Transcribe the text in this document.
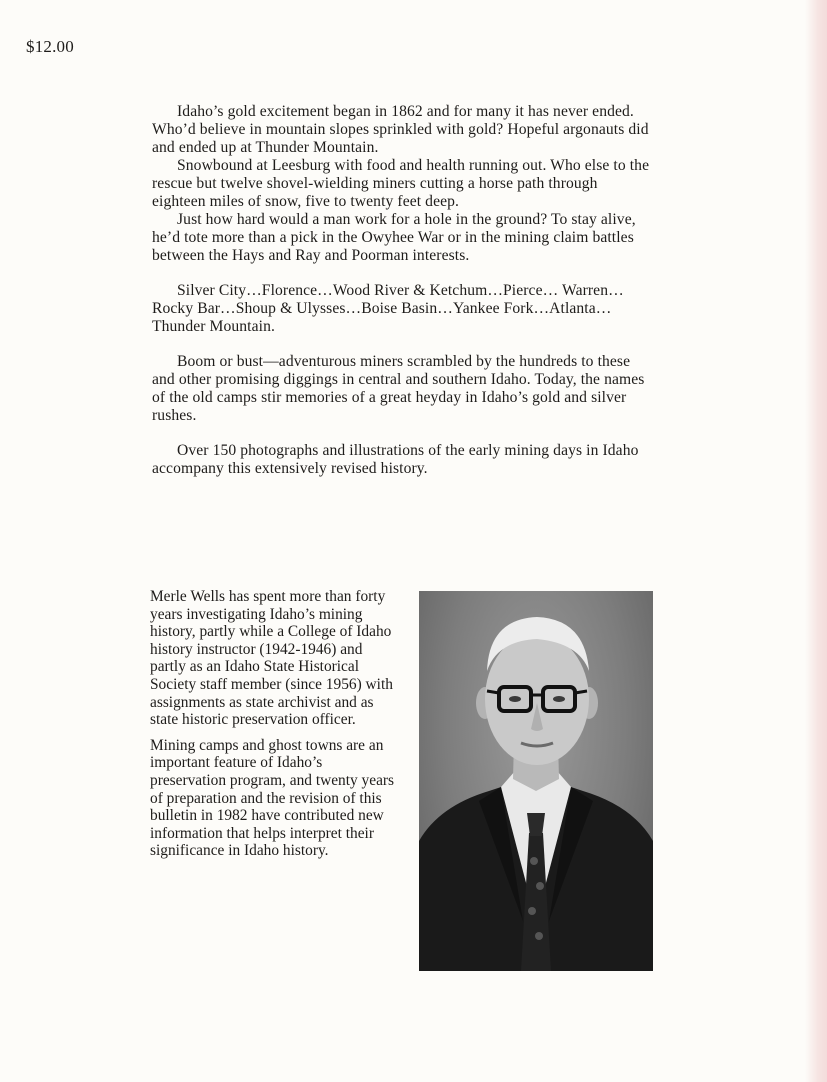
$12.00

Idaho’s gold excitement began in 1862 and for many it has never ended. Who’d believe in mountain slopes sprinkled with gold? Hopeful argonauts did and ended up at Thunder Mountain.

Snowbound at Leesburg with food and health running out. Who else to the rescue but twelve shovel-wielding miners cutting a horse path through eighteen miles of snow, five to twenty feet deep.

Just how hard would a man work for a hole in the ground? To stay alive, he’d tote more than a pick in the Owyhee War or in the mining claim battles between the Hays and Ray and Poorman interests.

Silver City…Florence…Wood River & Ketchum…Pierce… Warren…Rocky Bar…Shoup & Ulysses…Boise Basin…Yankee Fork…Atlanta…Thunder Mountain.

Boom or bust—adventurous miners scrambled by the hundreds to these and other promising diggings in central and southern Idaho. Today, the names of the old camps stir memories of a great heyday in Idaho’s gold and silver rushes.

Over 150 photographs and illustrations of the early mining days in Idaho accompany this extensively revised history.

Merle Wells has spent more than forty years investigating Idaho’s mining history, partly while a College of Idaho history instructor (1942-1946) and partly as an Idaho State Historical Society staff member (since 1956) with assignments as state archivist and as state historic preservation officer.

Mining camps and ghost towns are an important feature of Idaho’s preservation program, and twenty years of preparation and the revision of this bulletin in 1982 have contributed new information that helps interpret their significance in Idaho history.
